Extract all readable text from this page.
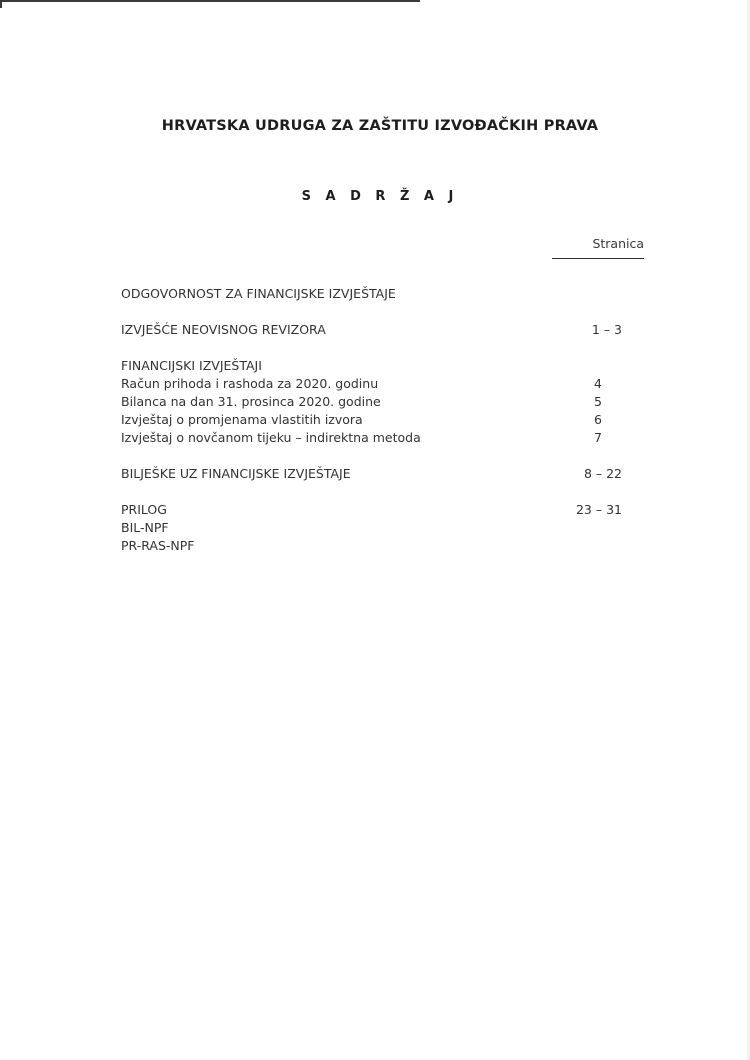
HRVATSKA UDRUGA ZA ZAŠTITU IZVOĐAČKIH PRAVA
S A D R Ž A J
Stranica
ODGOVORNOST ZA FINANCIJSKE IZVJEŠTAJE
IZVJEŠĆE NEOVISNOG REVIZORA	1 – 3
FINANCIJSKI IZVJEŠTAJI
Račun prihoda i rashoda za 2020. godinu	4
Bilanca na dan 31. prosinca 2020. godine	5
Izvještaj o promjenama vlastitih izvora	6
Izvještaj o novčanom tijeku – indirektna metoda	7
BILJEŠKE UZ FINANCIJSKE IZVJEŠTAJE	8 – 22
PRILOG	23 – 31
BIL-NPF
PR-RAS-NPF
